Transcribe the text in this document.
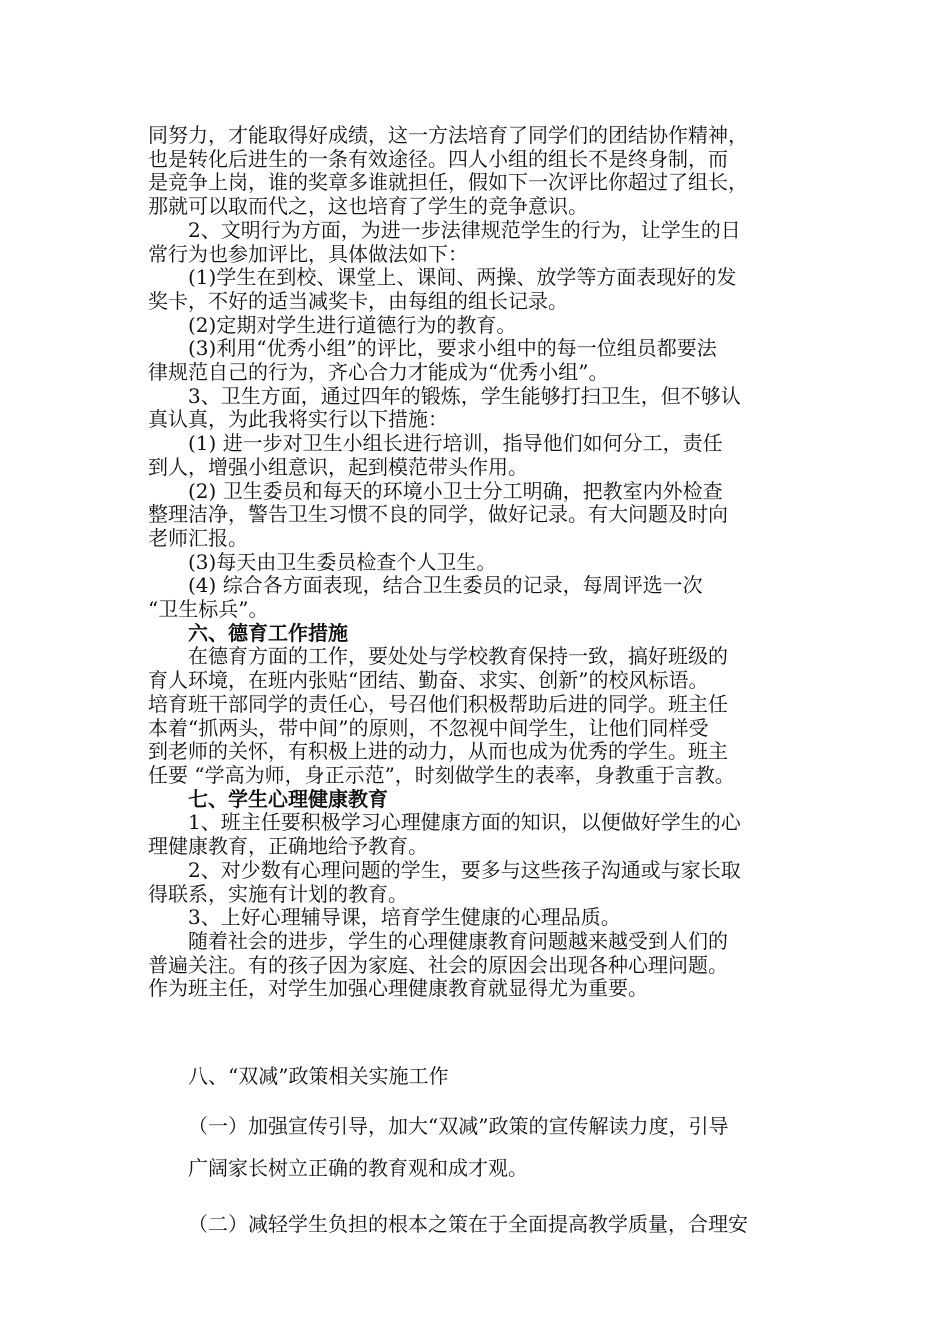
同努力，才能取得好成绩，这一方法培育了同学们的团结协作精神，

也是转化后进生的一条有效途径。四人小组的组长不是终身制，而

是竞争上岗，谁的奖章多谁就担任，假如下一次评比你超过了组长，

那就可以取而代之，这也培育了学生的竞争意识。

2、文明行为方面，为进一步法律规范学生的行为，让学生的日

常行为也参加评比，具体做法如下：

(1)学生在到校、课堂上、课间、两操、放学等方面表现好的发

奖卡，不好的适当减奖卡，由每组的组长记录。

(2)定期对学生进行道德行为的教育。

(3)利用“优秀小组”的评比，要求小组中的每一位组员都要法

律规范自己的行为，齐心合力才能成为“优秀小组”。

3、卫生方面，通过四年的锻炼，学生能够打扫卫生，但不够认

真认真，为此我将实行以下措施：

(1) 进一步对卫生小组长进行培训，指导他们如何分工，责任

到人，增强小组意识，起到模范带头作用。

(2) 卫生委员和每天的环境小卫士分工明确，把教室内外检查

整理洁净，警告卫生习惯不良的同学，做好记录。有大问题及时向

老师汇报。

(3)每天由卫生委员检查个人卫生。

(4) 综合各方面表现，结合卫生委员的记录，每周评选一次

“卫生标兵”。

六、德育工作措施

在德育方面的工作，要处处与学校教育保持一致，搞好班级的

育人环境，在班内张贴“团结、勤奋、求实、创新”的校风标语。

培育班干部同学的责任心，号召他们积极帮助后进的同学。班主任

本着“抓两头，带中间”的原则，不忽视中间学生，让他们同样受

到老师的关怀，有积极上进的动力，从而也成为优秀的学生。班主

任要 “学高为师，身正示范”，时刻做学生的表率，身教重于言教。

七、学生心理健康教育

1、班主任要积极学习心理健康方面的知识，以便做好学生的心

理健康教育，正确地给予教育。

2、对少数有心理问题的学生，要多与这些孩子沟通或与家长取

得联系，实施有计划的教育。

3、上好心理辅导课，培育学生健康的心理品质。

随着社会的进步，学生的心理健康教育问题越来越受到人们的

普遍关注。有的孩子因为家庭、社会的原因会出现各种心理问题。

作为班主任，对学生加强心理健康教育就显得尤为重要。

八、“双减”政策相关实施工作

（一）加强宣传引导，加大“双减”政策的宣传解读力度，引导

广阔家长树立正确的教育观和成才观。

（二）减轻学生负担的根本之策在于全面提高教学质量，合理安
